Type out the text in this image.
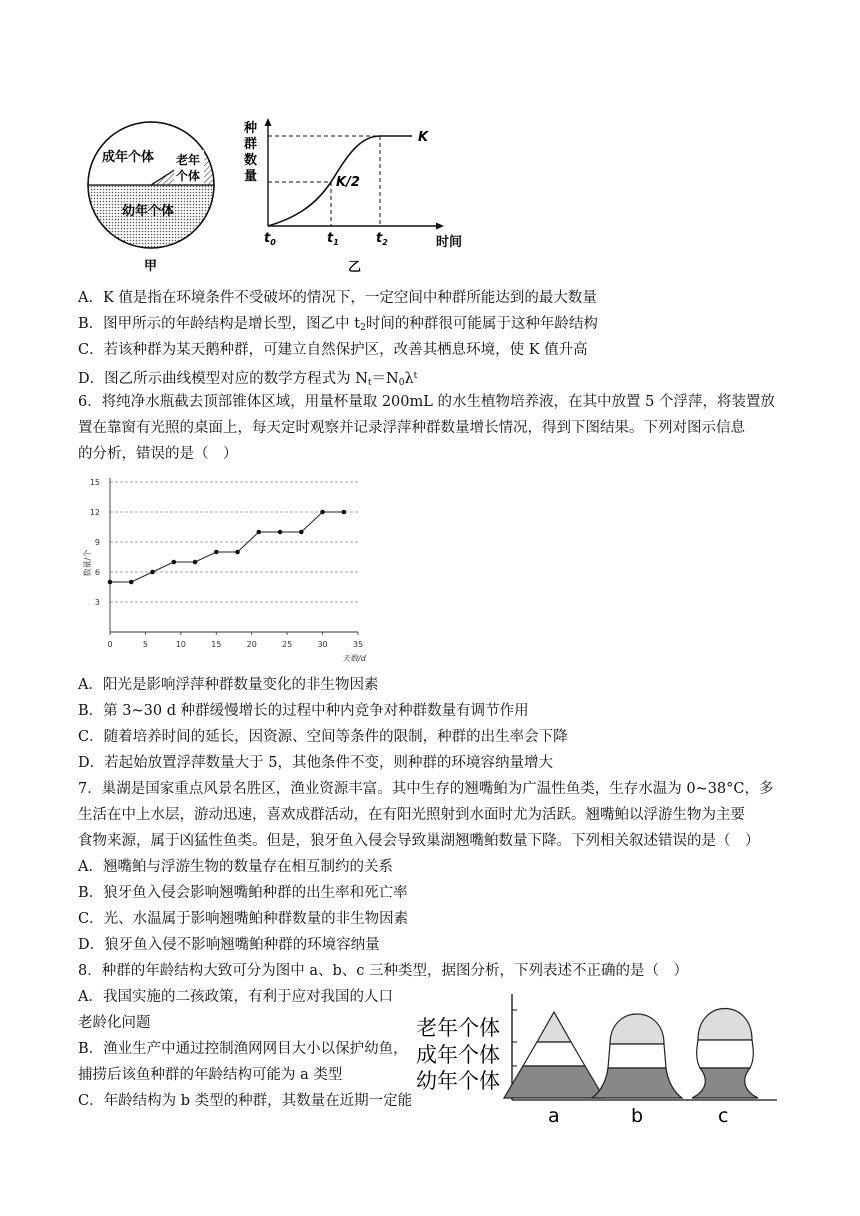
成年个体 老年
个体
幼年个体
甲
种
群
数
量
K
K/2
$t_0$	$t_1$	$t_2$	时间
乙
A．K 值是指在环境条件不受破坏的情况下，一定空间中种群所能达到的最大数量
B．图甲所示的年龄结构是增长型，图乙中 $t_2$时间的种群很可能属于这种年龄结构
C．若该种群为某天鹅种群，可建立自然保护区，改善其栖息环境，使 K 值升高
D．图乙所示曲线模型对应的数学方程式为 $N_t=N_0\lambda^t$
6．将纯净水瓶截去顶部锥体区域，用量杯量取 200mL 的水生植物培养液，在其中放置 5 个浮萍，将装置放
置在靠窗有光照的桌面上，每天定时观察并记录浮萍种群数量增长情况，得到下图结果。下列对图示信息
的分析，错误的是（　）
3
6
9
12
15
0	5	10	15	20	25	30	35
天数/d
数量/个
A．阳光是影响浮萍种群数量变化的非生物因素
B．第 3~30 d 种群缓慢增长的过程中种内竞争对种群数量有调节作用
C．随着培养时间的延长，因资源、空间等条件的限制，种群的出生率会下降
D．若起始放置浮萍数量大于 5，其他条件不变，则种群的环境容纳量增大
7．巢湖是国家重点风景名胜区，渔业资源丰富。其中生存的翘嘴鲌为广温性鱼类，生存水温为 0~38°C，多
生活在中上水层，游动迅速，喜欢成群活动，在有阳光照射到水面时尤为活跃。翘嘴鲌以浮游生物为主要
食物来源，属于凶猛性鱼类。但是，狼牙鱼入侵会导致巢湖翘嘴鲌数量下降。下列相关叙述错误的是（　）
A．翘嘴鲌与浮游生物的数量存在相互制约的关系
B．狼牙鱼入侵会影响翘嘴鲌种群的出生率和死亡率
C．光、水温属于影响翘嘴鲌种群数量的非生物因素
D．狼牙鱼入侵不影响翘嘴鲌种群的环境容纳量
8．种群的年龄结构大致可分为图中 a、b、c 三种类型，据图分析，下列表述不正确的是（　）
A．我国实施的二孩政策，有利于应对我国的人口
老龄化问题
B．渔业生产中通过控制渔网网目大小以保护幼鱼，
捕捞后该鱼种群的年龄结构可能为 a 类型
C．年龄结构为 b 类型的种群，其数量在近期一定能
老年个体
成年个体
幼年个体
a	b	c
